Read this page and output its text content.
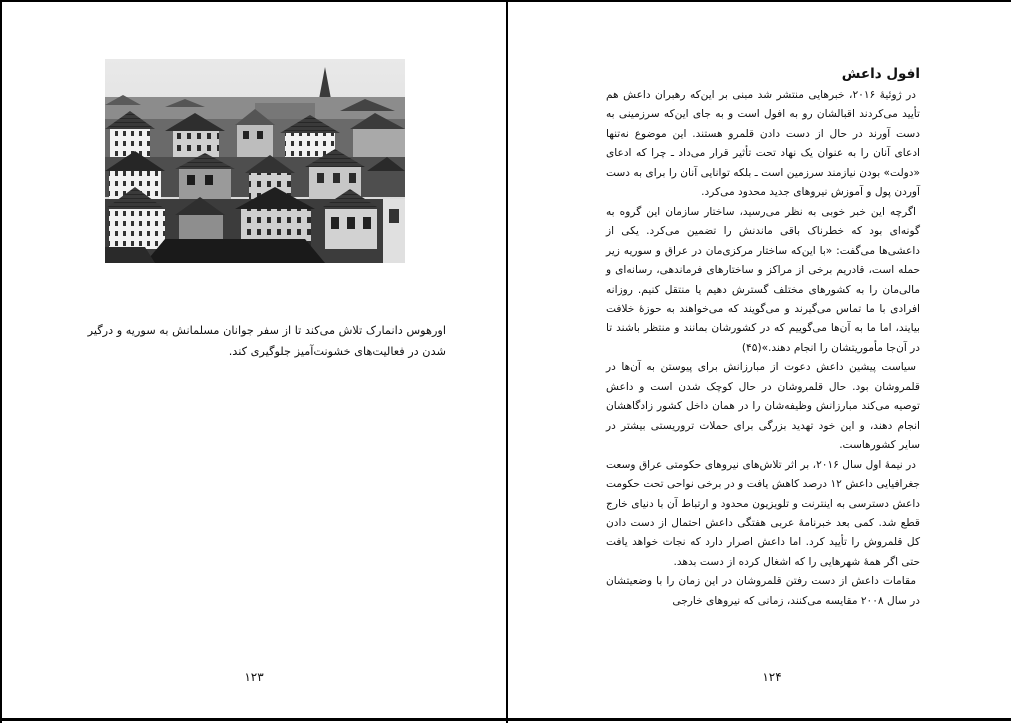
اورهوس دانمارک تلاش می‌کند تا از سفر جوانان مسلمانش به سوریه و درگیر شدن در فعالیت‌های خشونت‌آمیز جلوگیری کند.

۱۲۳
افول داعش

در ژوئیهٔ ۲۰۱۶، خبرهایی منتشر شد مبنی بر این‌که رهبران داعش هم تأیید می‌کردند اقبالشان رو به افول است و به جای این‌که سرزمینی به دست آورند در حال از دست دادن قلمرو هستند. این موضوع نه‌تنها ادعای آنان را به عنوان یک نهاد تحت تأثیر قرار می‌داد ـ چرا که ادعای «دولت» بودن نیازمند سرزمین است ـ بلکه توانایی آنان را برای به دست آوردن پول و آموزش نیروهای جدید محدود می‌کرد.

اگرچه این خبر خوبی به نظر می‌رسید، ساختار سازمان این گروه به گونه‌ای بود که خطرناک باقی ماندنش را تضمین می‌کرد. یکی از داعشی‌ها می‌گفت: «با این‌که ساختار مرکزی‌مان در عراق و سوریه زیر حمله است، قادریم برخی از مراکز و ساختارهای فرماندهی، رسانه‌ای و مالی‌مان را به کشورهای مختلف گسترش دهیم یا منتقل کنیم. روزانه افرادی با ما تماس می‌گیرند و می‌گویند که می‌خواهند به حوزهٔ خلافت بیایند، اما ما به آن‌ها می‌گوییم که در کشورشان بمانند و منتظر باشند تا در آن‌جا مأموریتشان را انجام دهند.»(۴۵)

سیاست پیشین داعش دعوت از مبارزانش برای پیوستن به آن‌ها در قلمروشان بود. حال قلمروشان در حال کوچک شدن است و داعش توصیه می‌کند مبارزانش وظیفه‌شان را در همان داخل کشور زادگاهشان انجام دهند، و این خود تهدید بزرگی برای حملات تروریستی بیشتر در سایر کشورهاست.

در نیمهٔ اول سال ۲۰۱۶، بر اثر تلاش‌های نیروهای حکومتی عراق وسعت جغرافیایی داعش ۱۲ درصد کاهش یافت و در برخی نواحی تحت حکومت داعش دسترسی به اینترنت و تلویزیون محدود و ارتباط آن با دنیای خارج قطع شد. کمی بعد خبرنامهٔ عربی هفتگی داعش احتمال از دست دادن کل قلمروش را تأیید کرد. اما داعش اصرار دارد که نجات خواهد یافت حتی اگر همهٔ شهرهایی را که اشغال کرده از دست بدهد.

مقامات داعش از دست رفتن قلمروشان در این زمان را با وضعیتشان در سال ۲۰۰۸ مقایسه می‌کنند، زمانی که نیروهای خارجی

۱۲۴
